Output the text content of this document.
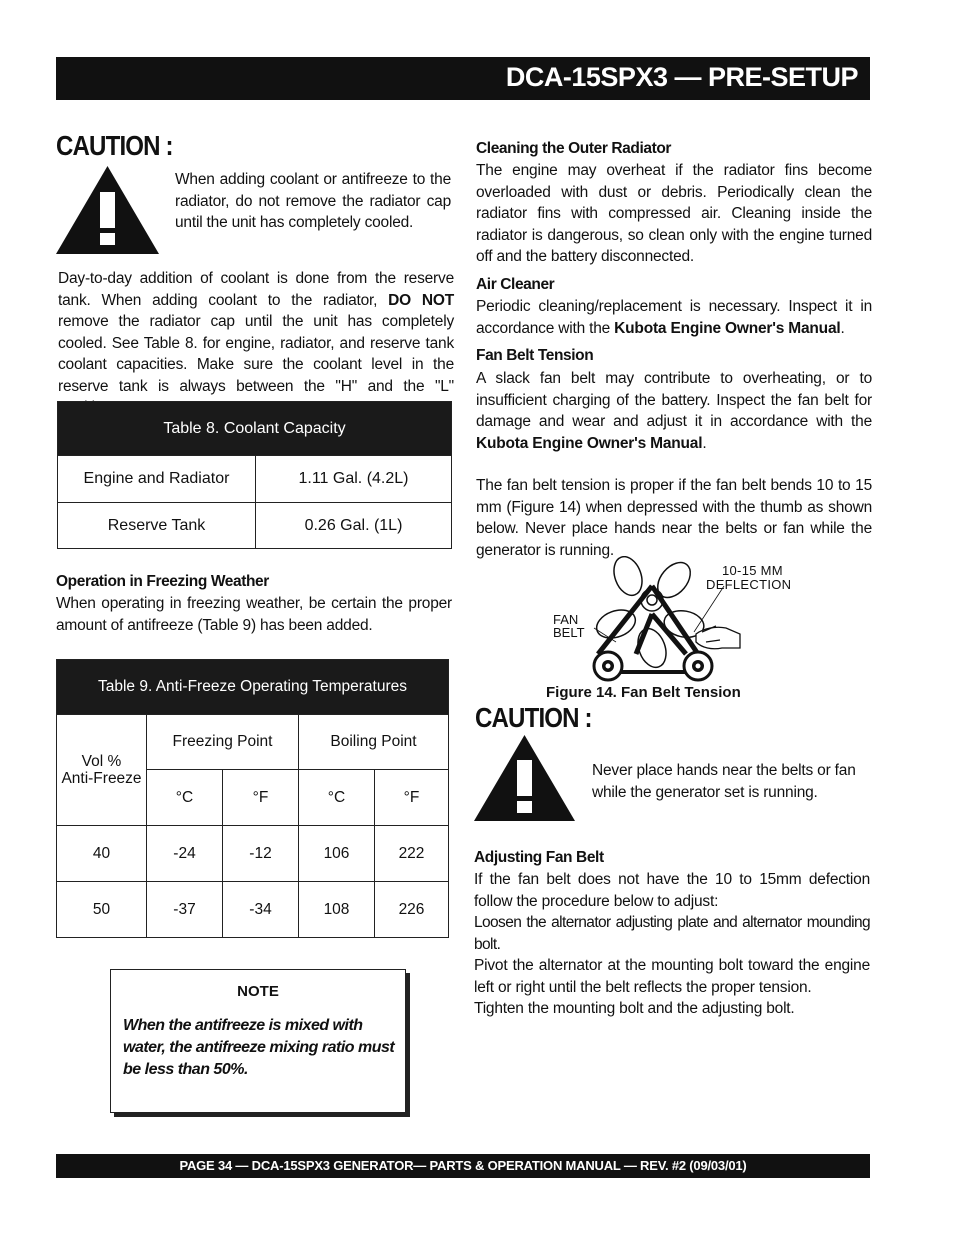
DCA-15SPX3 — PRE-SETUP
CAUTION :
When adding coolant or antifreeze to the radiator, do not remove the radiator cap until the unit has completely cooled.
Day-to-day addition of coolant is done from the reserve tank. When adding coolant to the radiator, DO NOT remove the radiator cap until the unit has completely cooled. See Table 8. for engine, radiator, and reserve tank coolant capacities. Make sure the coolant level in the reserve tank is always between the "H" and the "L"
Table 8. Coolant Capacity	
Engine and Radiator	1.11 Gal. (4.2L)
Reserve Tank	0.26 Gal. (1L)
Operation in Freezing Weather
When operating in freezing weather, be certain the proper amount of antifreeze (Table 9) has been added.
Table 9. Anti-Freeze Operating Temperatures				

Vol %
Anti-Freeze	Freezing Point		Boiling Point	
	°C	°F	°C	°F
40	-24	-12	106	222
50	-37	-34	108	226
NOTE
When the antifreeze is mixed with water, the antifreeze mixing ratio must be less than 50%.
Cleaning the Outer Radiator
The engine may overheat if the radiator fins become overloaded with dust or debris. Periodically clean the radiator fins with compressed air. Cleaning inside the radiator is dangerous, so clean only with the engine turned off and the battery disconnected.
Air Cleaner
Periodic cleaning/replacement is necessary. Inspect it in accordance with the Kubota Engine Owner's Manual.
Fan Belt Tension
A slack fan belt may contribute to overheating, or to insufficient charging of the battery. Inspect the fan belt for damage and wear and adjust it in accordance with the Kubota Engine Owner's Manual.
The fan belt tension is proper if the fan belt bends 10 to 15 mm (Figure 14) when depressed with the thumb as shown below. Never place hands near the belts or fan while the generator is running.
10-15 MM
DEFLECTION
FAN
BELT
Figure 14. Fan Belt Tension
CAUTION :
Never place hands near the belts or fan while the generator set is running.
Adjusting Fan Belt
If the fan belt does not have the 10 to 15mm defection follow the procedure below to adjust:
Loosen the alternator adjusting plate and alternator mounding bolt.
Pivot the alternator at the mounting bolt toward the engine left or right until the belt reflects the proper tension.
Tighten the mounting bolt and the adjusting bolt.
PAGE 34 — DCA-15SPX3 GENERATOR— PARTS & OPERATION MANUAL — REV. #2 (09/03/01)
